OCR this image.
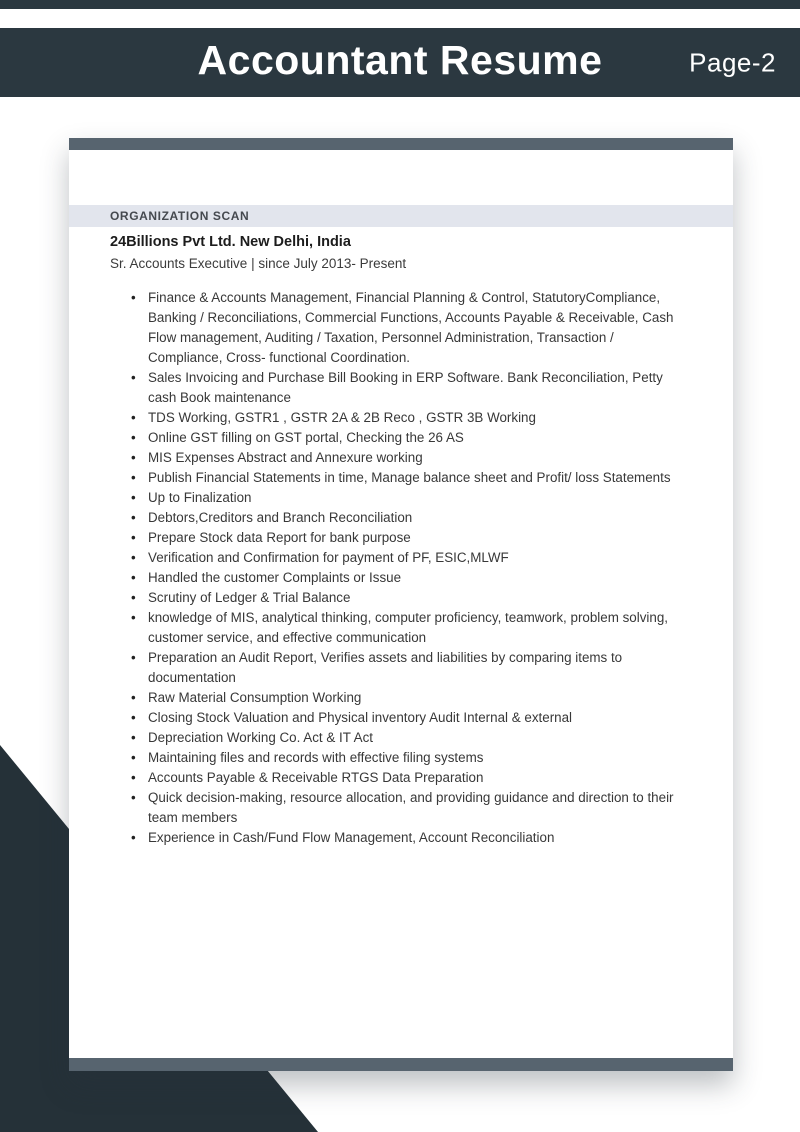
Accountant Resume	Page-2
ORGANIZATION SCAN
24Billions Pvt Ltd. New Delhi, India

Sr. Accounts Executive | since July 2013- Present

• Finance & Accounts Management, Financial Planning & Control, StatutoryCompliance, Banking / Reconciliations, Commercial Functions, Accounts Payable & Receivable, Cash Flow management, Auditing / Taxation, Personnel Administration, Transaction / Compliance, Cross- functional Coordination.
• Sales Invoicing and Purchase Bill Booking in ERP Software. Bank Reconciliation, Petty cash Book maintenance
• TDS Working, GSTR1 , GSTR 2A & 2B Reco , GSTR 3B Working
• Online GST filling on GST portal, Checking the 26 AS
• MIS Expenses Abstract and Annexure working
• Publish Financial Statements in time, Manage balance sheet and Profit/ loss Statements
• Up to Finalization
• Debtors,Creditors and Branch Reconciliation
• Prepare Stock data Report for bank purpose
• Verification and Confirmation for payment of PF, ESIC,MLWF
• Handled the customer Complaints or Issue
• Scrutiny of Ledger & Trial Balance
• knowledge of MIS, analytical thinking, computer proficiency, teamwork, problem solving, customer service, and effective communication
• Preparation an Audit Report, Verifies assets and liabilities by comparing items to documentation
• Raw Material Consumption Working
• Closing Stock Valuation and Physical inventory Audit Internal & external
• Depreciation Working Co. Act & IT Act
• Maintaining files and records with effective filing systems
• Accounts Payable & Receivable RTGS Data Preparation
• Quick decision-making, resource allocation, and providing guidance and direction to their team members
• Experience in Cash/Fund Flow Management, Account Reconciliation
